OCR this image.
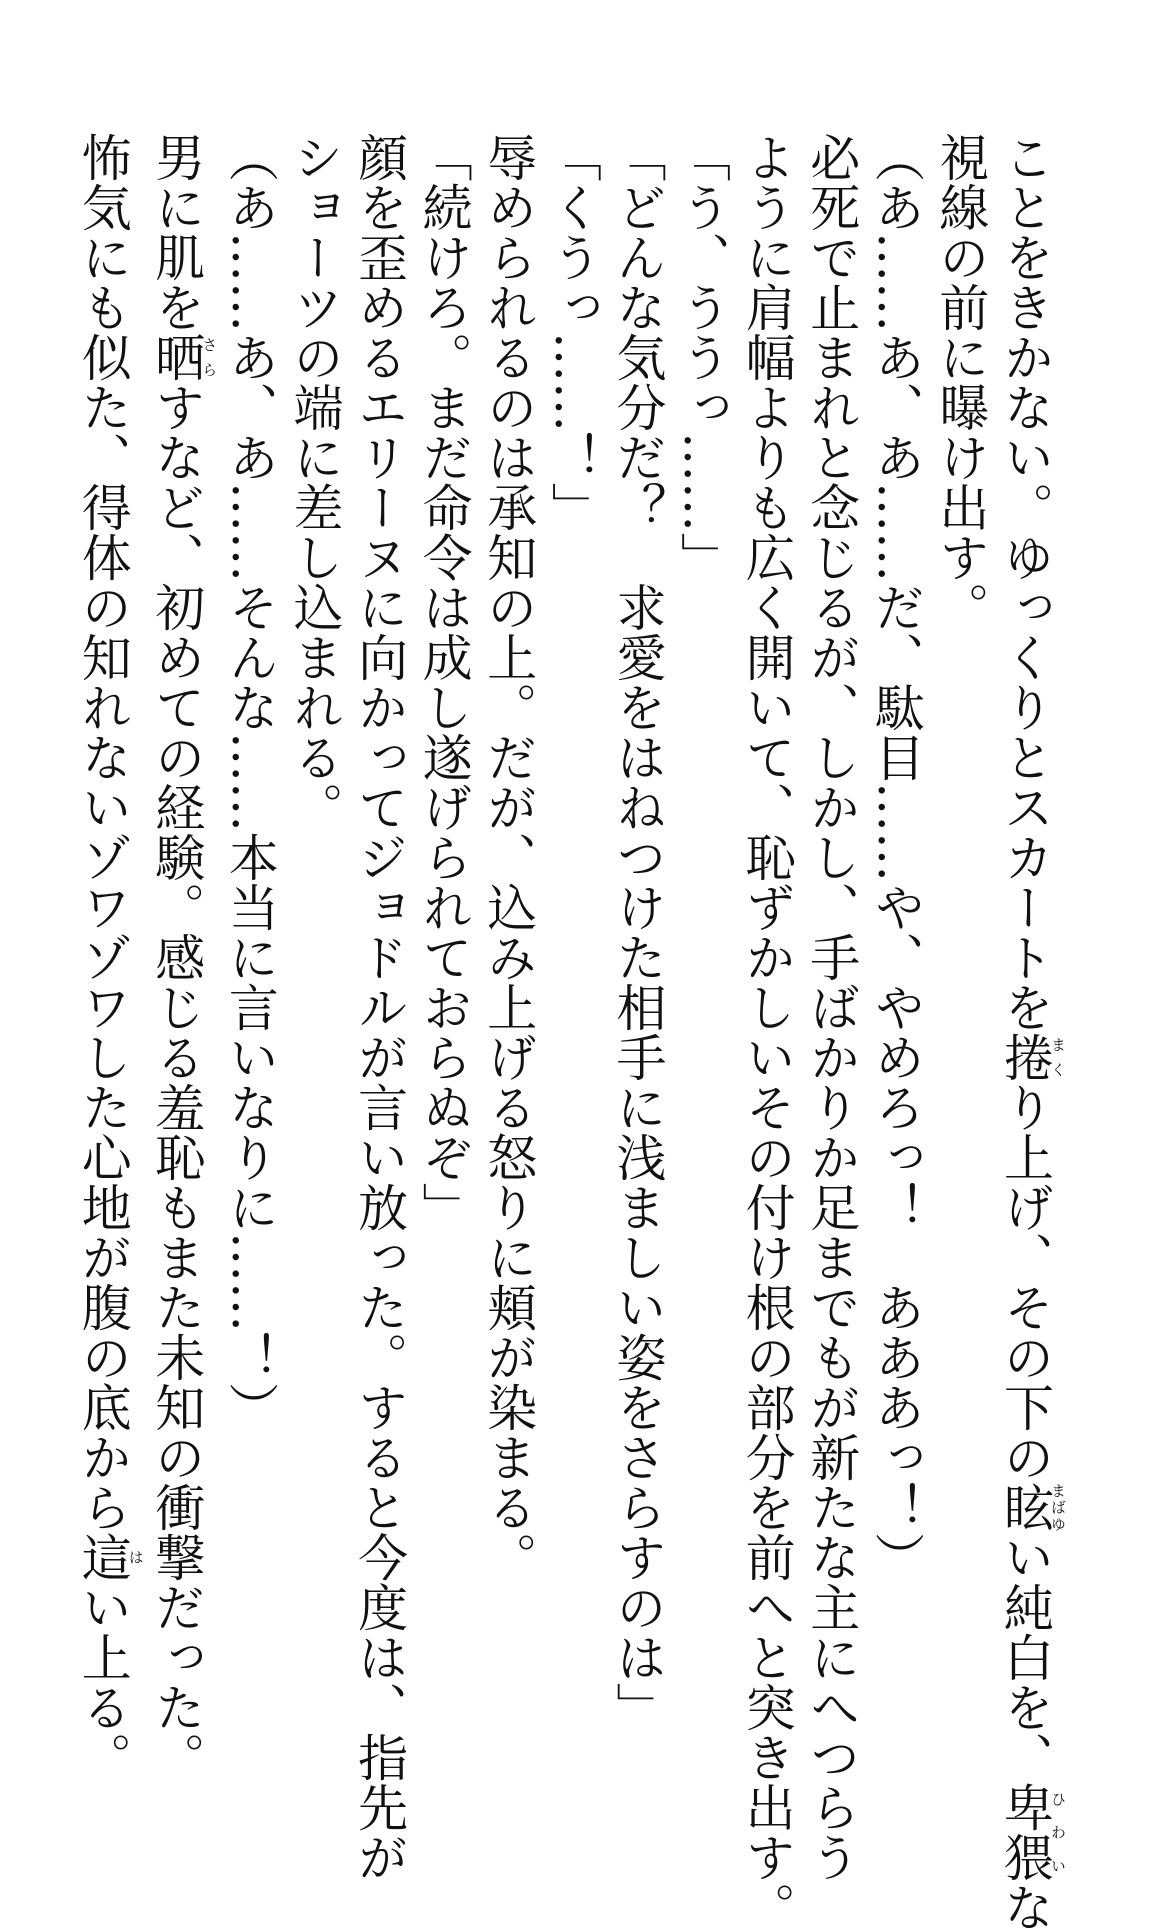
ことをきかない。ゆっくりとスカートを捲まくり上げ、その下の眩まばゆい純白を、卑猥ひわいな
視線の前に曝け出す。
（あ……あ、あ……だ、駄目……や、やめろっ！　あああっ！）
必死で止まれと念じるが、しかし、手ばかりか足までもが新たな主にへつらう
ように肩幅よりも広く開いて、恥ずかしいその付け根の部分を前へと突き出す。
「う、ううっ……」
「どんな気分だ？　求愛をはねつけた相手に浅ましい姿をさらすのは」
「くうっ……！」
辱められるのは承知の上。だが、込み上げる怒りに頬が染まる。
「続けろ。まだ命令は成し遂げられておらぬぞ」
顔を歪めるエリーヌに向かってジョドルが言い放った。すると今度は、指先が
ショーツの端に差し込まれる。
（あ……あ、あ……そんな……本当に言いなりに……！）
男に肌を晒さらすなど、初めての経験。感じる羞恥もまた未知の衝撃だった。
怖気にも似た、得体の知れないゾワゾワした心地が腹の底から這はい上る。
